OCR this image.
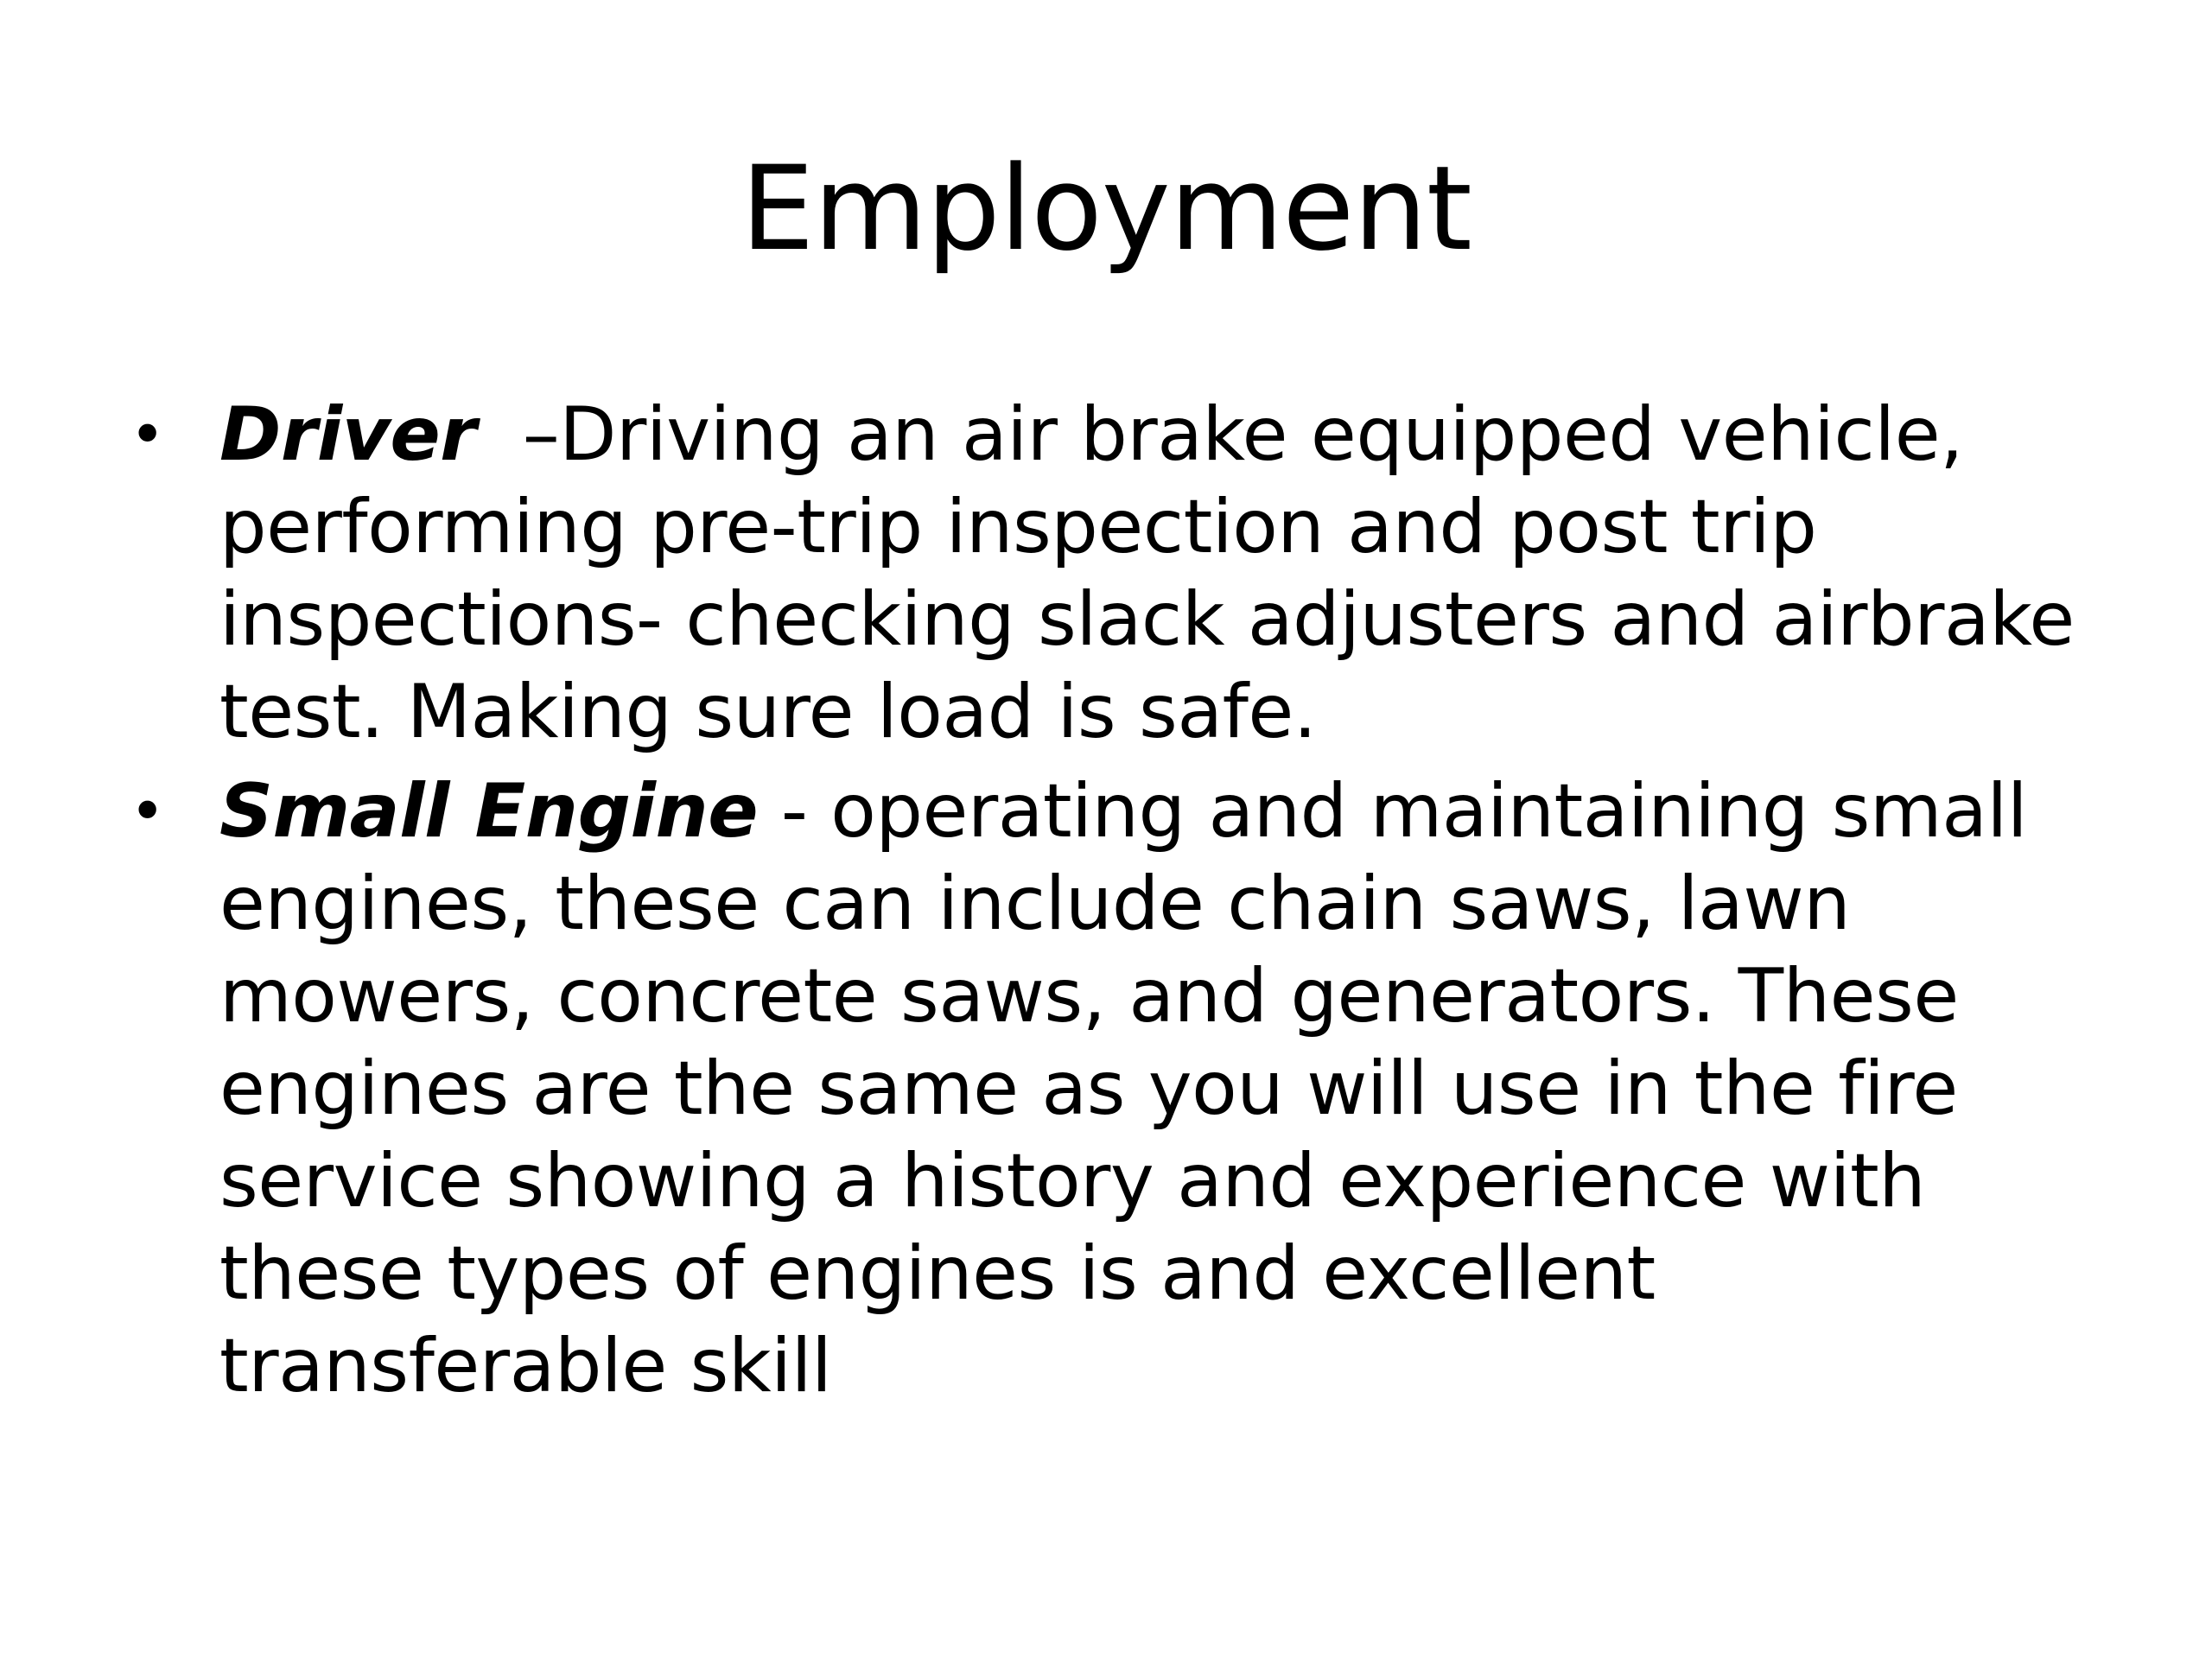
Employment
• Driver  –Driving an air brake equipped vehicle, performing pre-trip inspection and post trip inspections- checking slack adjusters and airbrake test. Making sure load is safe.
• Small Engine - operating and maintaining small engines, these can include chain saws, lawn mowers, concrete saws, and generators. These engines are the same as you will use in the fire service showing a history and experience with these types of engines is and excellent transferable skill
